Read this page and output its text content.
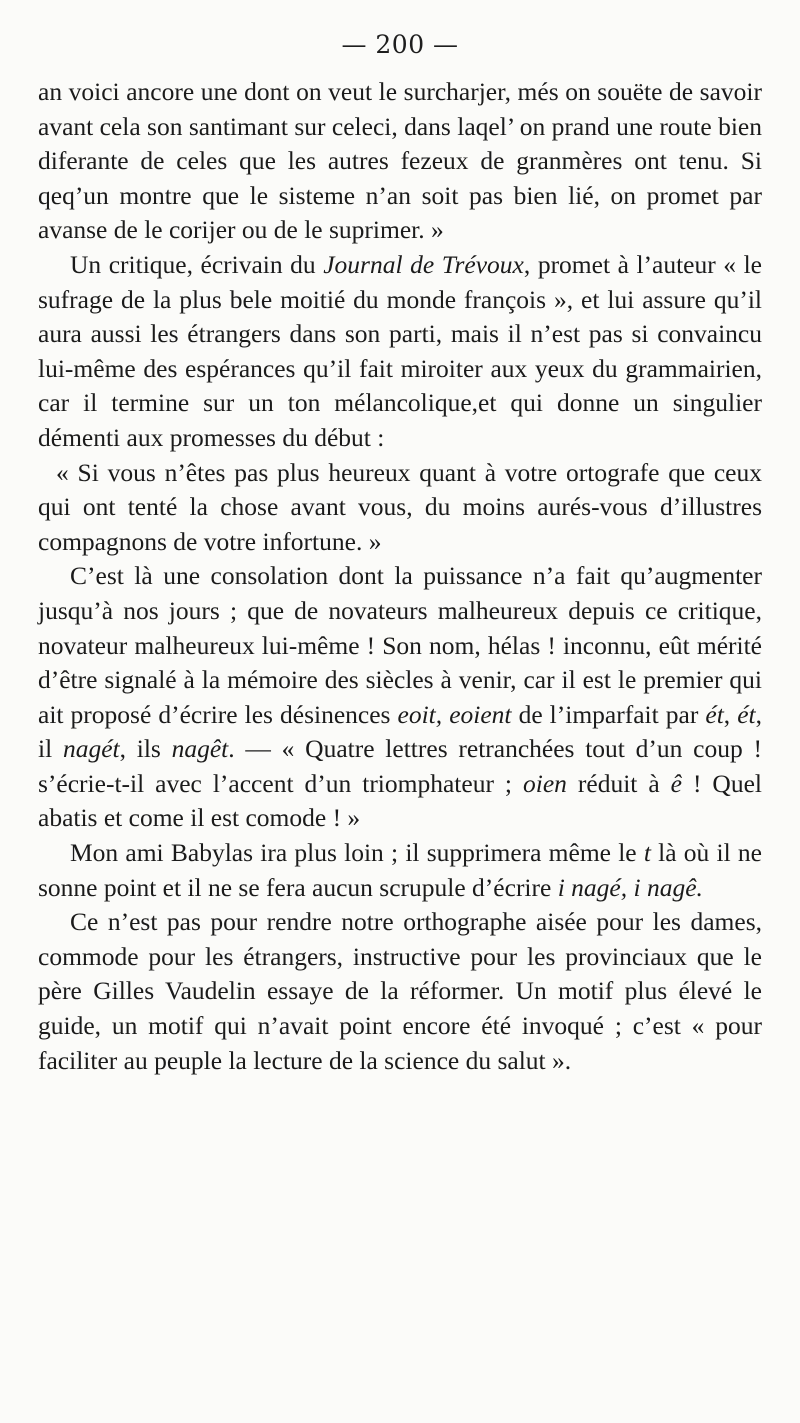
— 200 —

an voici ancore une dont on veut le surcharjer, més on souëte de savoir avant cela son santimant sur celeci, dans laqel’ on prand une route bien diferante de celes que les autres fezeux de granmères ont tenu. Si qeq’un montre que le sisteme n’an soit pas bien lié, on promet par avanse de le corijer ou de le suprimer. »

Un critique, écrivain du Journal de Trévoux, promet à l’auteur « le sufrage de la plus bele moitié du monde françois », et lui assure qu’il aura aussi les étrangers dans son parti, mais il n’est pas si convaincu lui-même des espérances qu’il fait miroiter aux yeux du grammairien, car il termine sur un ton mélancolique,et qui donne un singulier démenti aux promesses du début :

« Si vous n’êtes pas plus heureux quant à votre ortografe que ceux qui ont tenté la chose avant vous, du moins aurés-vous d’illustres compagnons de votre infortune. »

C’est là une consolation dont la puissance n’a fait qu’augmenter jusqu’à nos jours ; que de novateurs malheureux depuis ce critique, novateur malheureux lui-même ! Son nom, hélas ! inconnu, eût mérité d’être signalé à la mémoire des siècles à venir, car il est le premier qui ait proposé d’écrire les désinences eoit, eoient de l’imparfait par ét, ét, il nagét, ils nagêt. — « Quatre lettres retranchées tout d’un coup ! s’écrie-t-il avec l’accent d’un triomphateur ; oien réduit à ê ! Quel abatis et come il est comode ! »

Mon ami Babylas ira plus loin ; il supprimera même le t là où il ne sonne point et il ne se fera aucun scrupule d’écrire i nagé, i nagê.

Ce n’est pas pour rendre notre orthographe aisée pour les dames, commode pour les étrangers, instructive pour les provinciaux que le père Gilles Vaudelin essaye de la réformer. Un motif plus élevé le guide, un motif qui n’avait point encore été invoqué ; c’est « pour faciliter au peuple la lecture de la science du salut ».
